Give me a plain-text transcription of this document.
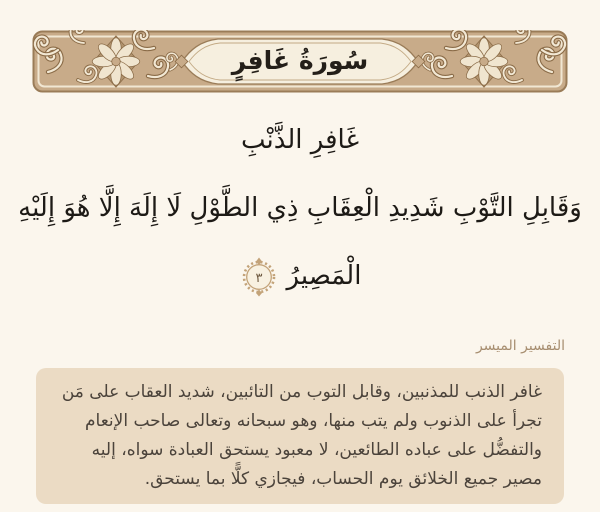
سُورَةُ غَافِرٍ
غَافِرِ الذَّنْبِ
وَقَابِلِ التَّوْبِ شَدِيدِ الْعِقَابِ ذِي الطَّوْلِ لَا إِلَهَ إِلَّا هُوَ إِلَيْهِ
الْمَصِيرُ
٣
التفسير الميسر

غافر الذنب للمذنبين، وقابل التوب من التائبين، شديد العقاب على مَن تجرأ على الذنوب ولم يتب منها، وهو سبحانه وتعالى صاحب الإنعام والتفضُّل على عباده الطائعين، لا معبود يستحق العبادة سواه، إليه مصير جميع الخلائق يوم الحساب، فيجازي كلًّا بما يستحق.
